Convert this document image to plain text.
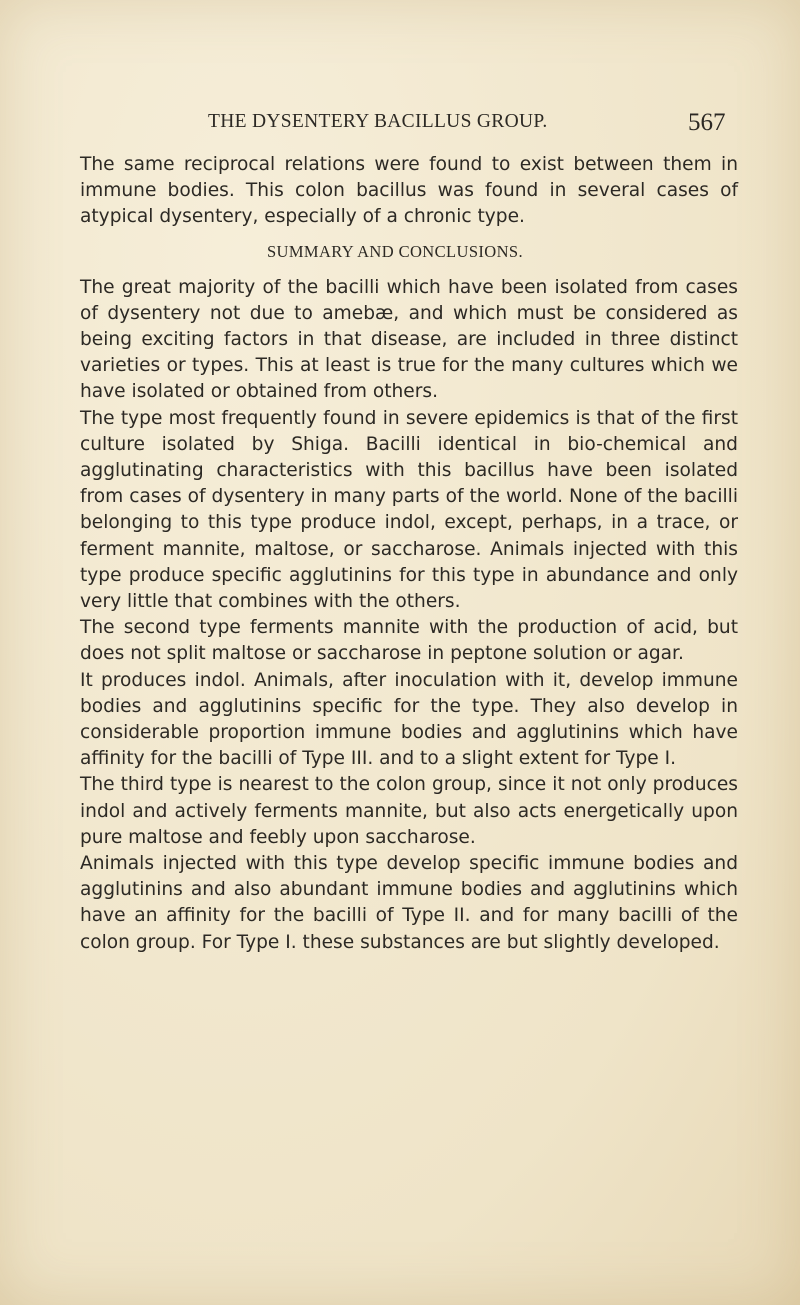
THE DYSENTERY BACILLUS GROUP.	567

The same reciprocal relations were found to exist between them in immune bodies. This colon bacillus was found in several cases of atypical dysentery, especially of a chronic type.

SUMMARY AND CONCLUSIONS.

The great majority of the bacilli which have been isolated from cases of dysentery not due to amebæ, and which must be considered as being exciting factors in that disease, are included in three distinct varieties or types. This at least is true for the many cultures which we have isolated or obtained from others.

The type most frequently found in severe epidemics is that of the first culture isolated by Shiga. Bacilli identical in bio-chemical and agglutinating characteristics with this bacillus have been isolated from cases of dysentery in many parts of the world. None of the bacilli belonging to this type produce indol, except, perhaps, in a trace, or ferment mannite, maltose, or saccharose. Animals injected with this type produce specific agglutinins for this type in abundance and only very little that combines with the others.

The second type ferments mannite with the production of acid, but does not split maltose or saccharose in peptone solution or agar.

It produces indol. Animals, after inoculation with it, develop immune bodies and agglutinins specific for the type. They also develop in considerable proportion immune bodies and agglutinins which have affinity for the bacilli of Type III. and to a slight extent for Type I.

The third type is nearest to the colon group, since it not only produces indol and actively ferments mannite, but also acts energetically upon pure maltose and feebly upon saccharose.

Animals injected with this type develop specific immune bodies and agglutinins and also abundant immune bodies and agglutinins which have an affinity for the bacilli of Type II. and for many bacilli of the colon group. For Type I. these substances are but slightly developed.
